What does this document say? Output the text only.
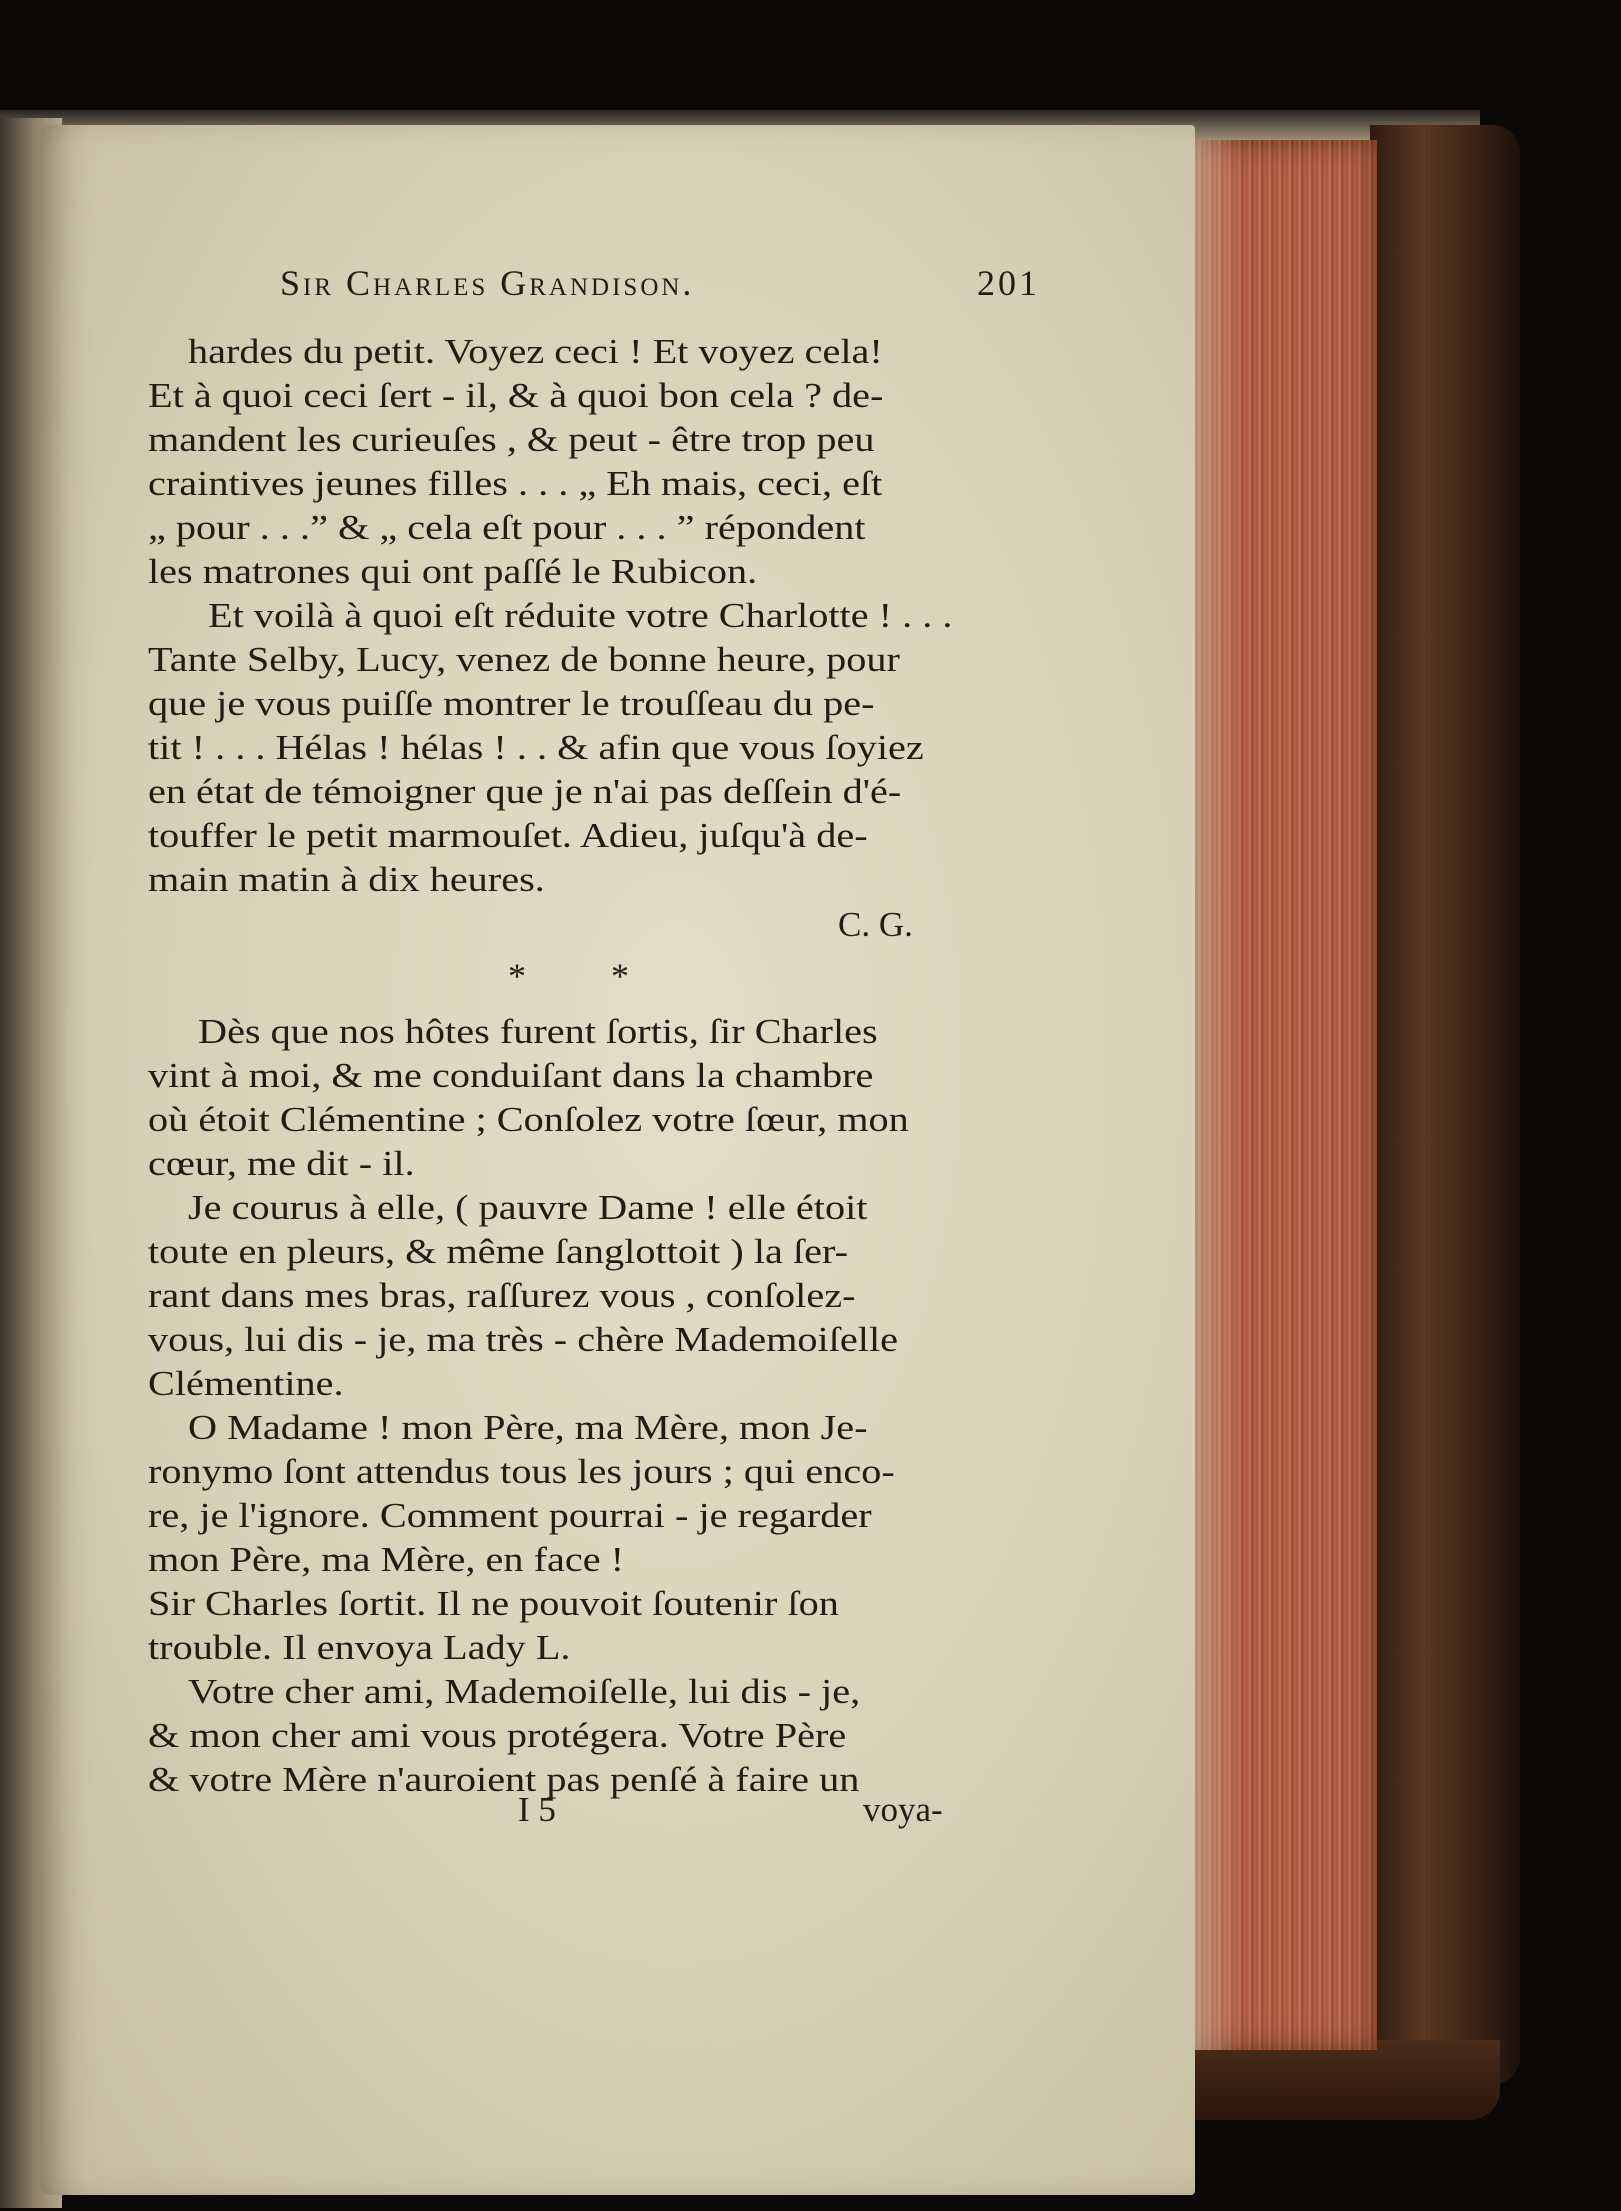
Sir Charles Grandison.	201
hardes du petit. Voyez ceci ! Et voyez cela!
Et à quoi ceci ſert - il, & à quoi bon cela ? de-
mandent les curieuſes , & peut - être trop peu
craintives jeunes filles . . . „ Eh mais, ceci, eſt
„ pour . . .” & „ cela eſt pour . . . ” répondent
les matrones qui ont paſſé le Rubicon.
Et voilà à quoi eſt réduite votre Charlotte ! . . .
Tante Selby, Lucy, venez de bonne heure, pour
que je vous puiſſe montrer le trouſſeau du pe-
tit ! . . . Hélas ! hélas ! . . & afin que vous ſoyiez
en état de témoigner que je n'ai pas deſſein d'é-
touffer le petit marmouſet. Adieu, juſqu'à de-
main matin à dix heures.
C. G.
* *
Dès que nos hôtes furent ſortis, ſir Charles
vint à moi, & me conduiſant dans la chambre
où étoit Clémentine ; Conſolez votre ſœur, mon
cœur, me dit - il.
Je courus à elle, ( pauvre Dame ! elle étoit
toute en pleurs, & même ſanglottoit ) la ſer-
rant dans mes bras, raſſurez vous , conſolez-
vous, lui dis - je, ma très - chère Mademoiſelle
Clémentine.
O Madame ! mon Père, ma Mère, mon Je-
ronymo ſont attendus tous les jours ; qui enco-
re, je l'ignore. Comment pourrai - je regarder
mon Père, ma Mère, en face !
Sir Charles ſortit. Il ne pouvoit ſoutenir ſon
trouble. Il envoya Lady L.
Votre cher ami, Mademoiſelle, lui dis - je,
& mon cher ami vous protégera. Votre Père
& votre Mère n'auroient pas penſé à faire un
I 5	voya-
